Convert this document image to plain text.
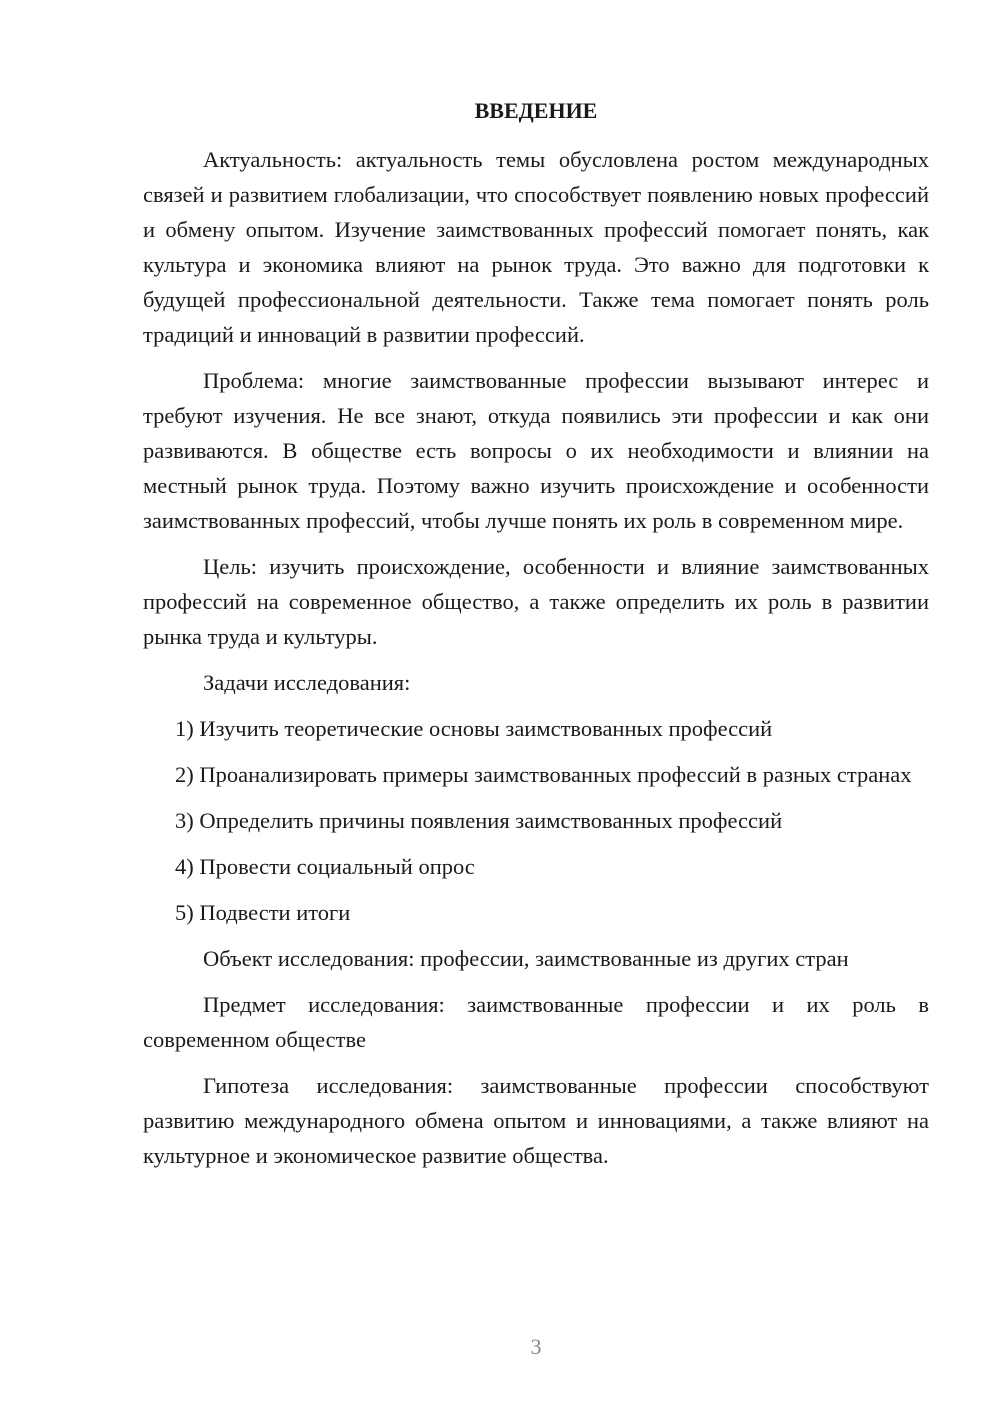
ВВЕДЕНИЕ

Актуальность: актуальность темы обусловлена ростом международных связей и развитием глобализации, что способствует появлению новых профессий и обмену опытом. Изучение заимствованных профессий помогает понять, как культура и экономика влияют на рынок труда. Это важно для подготовки к будущей профессиональной деятельности. Также тема помогает понять роль традиций и инноваций в развитии профессий.

Проблема: многие заимствованные профессии вызывают интерес и требуют изучения. Не все знают, откуда появились эти профессии и как они развиваются. В обществе есть вопросы о их необходимости и влиянии на местный рынок труда. Поэтому важно изучить происхождение и особенности заимствованных профессий, чтобы лучше понять их роль в современном мире.

Цель: изучить происхождение, особенности и влияние заимствованных профессий на современное общество, а также определить их роль в развитии рынка труда и культуры.

Задачи исследования:

1) Изучить теоретические основы заимствованных профессий

2) Проанализировать примеры заимствованных профессий в разных странах

3) Определить причины появления заимствованных профессий

4) Провести социальный опрос

5) Подвести итоги

Объект исследования: профессии, заимствованные из других стран

Предмет исследования: заимствованные профессии и их роль в современном обществе

Гипотеза исследования: заимствованные профессии способствуют развитию международного обмена опытом и инновациями, а также влияют на культурное и экономическое развитие общества.

3
